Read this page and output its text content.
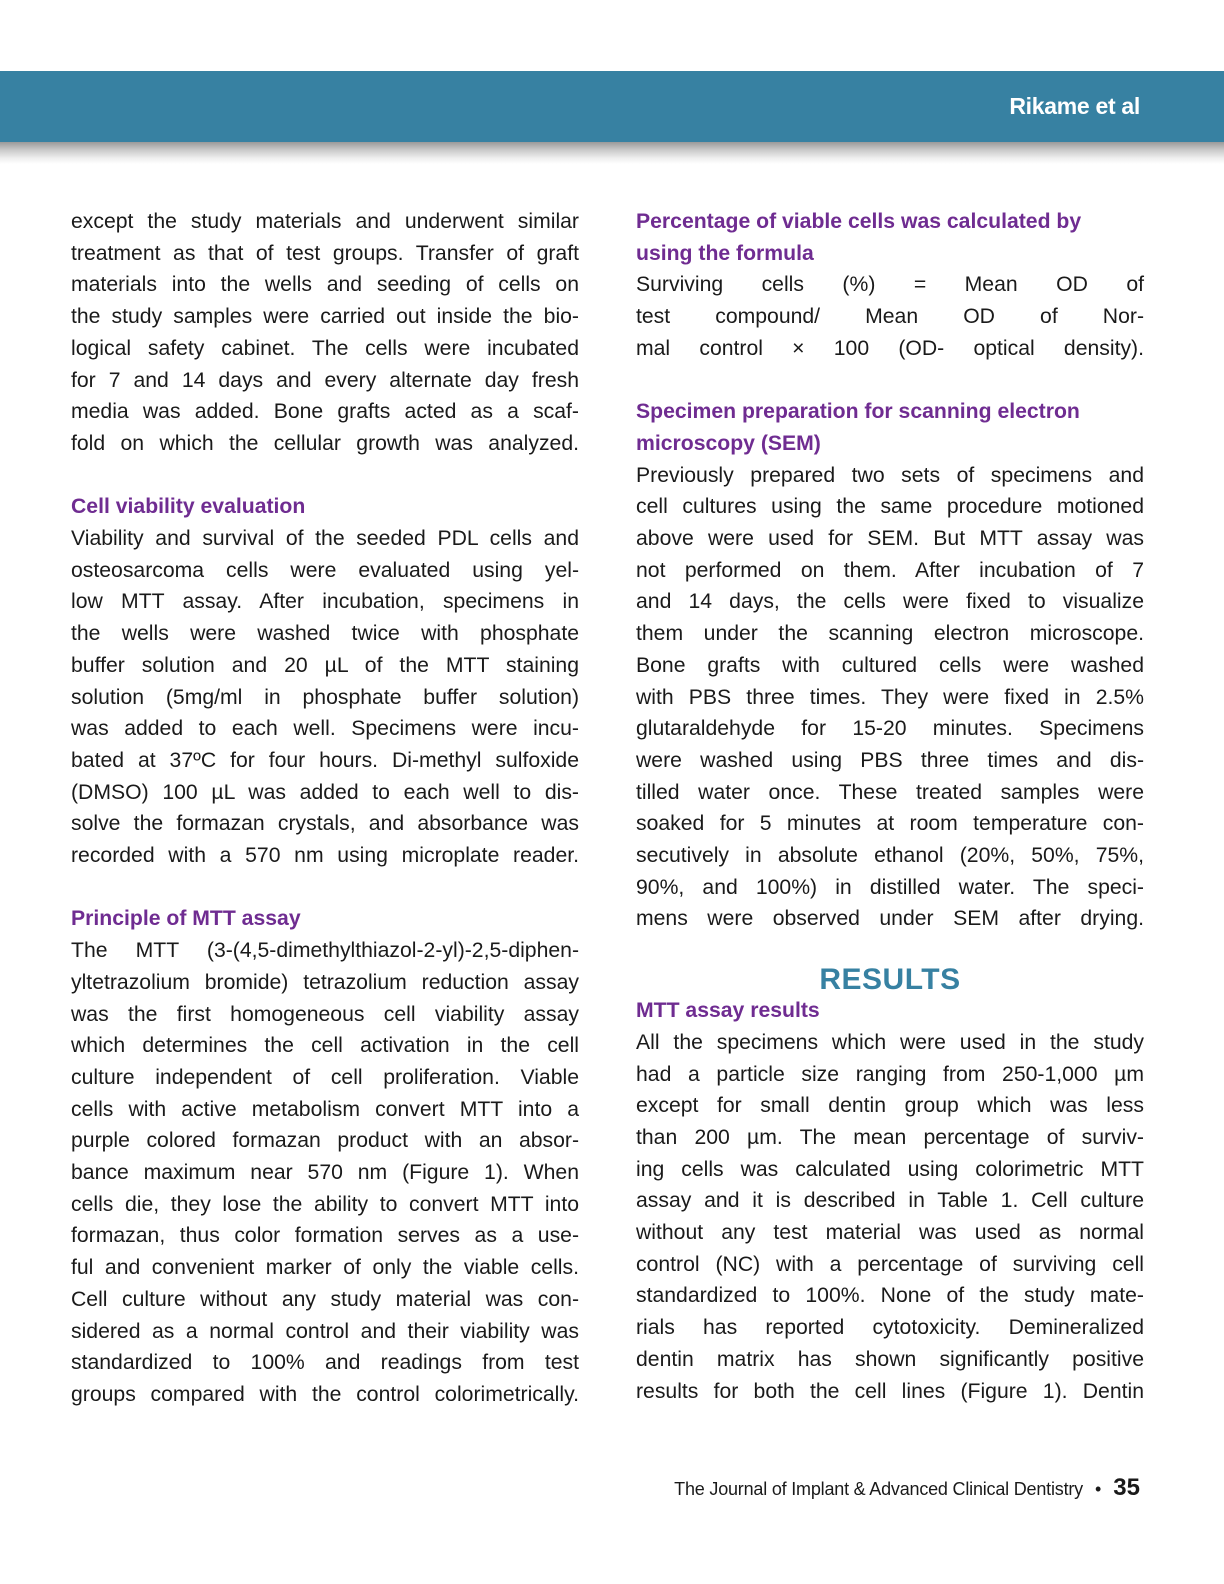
Rikame et al
except the study materials and underwent similar
treatment as that of test groups. Transfer of graft
materials into the wells and seeding of cells on
the study samples were carried out inside the bio-
logical safety cabinet. The cells were incubated
for 7 and 14 days and every alternate day fresh
media was added. Bone grafts acted as a scaf-
fold on which the cellular growth was analyzed.
Cell viability evaluation
Viability and survival of the seeded PDL cells and
osteosarcoma cells were evaluated using yel-
low MTT assay. After incubation, specimens in
the wells were washed twice with phosphate
buffer solution and 20 µL of the MTT staining
solution (5mg/ml in phosphate buffer solution)
was added to each well. Specimens were incu-
bated at 37ºC for four hours. Di-methyl sulfoxide
(DMSO) 100 µL was added to each well to dis-
solve the formazan crystals, and absorbance was
recorded with a 570 nm using microplate reader.
Principle of MTT assay
The MTT (3-(4,5-dimethylthiazol-2-yl)-2,5-diphen-
yltetrazolium bromide) tetrazolium reduction assay
was the first homogeneous cell viability assay
which determines the cell activation in the cell
culture independent of cell proliferation. Viable
cells with active metabolism convert MTT into a
purple colored formazan product with an absor-
bance maximum near 570 nm (Figure 1). When
cells die, they lose the ability to convert MTT into
formazan, thus color formation serves as a use-
ful and convenient marker of only the viable cells.
Cell culture without any study material was con-
sidered as a normal control and their viability was
standardized to 100% and readings from test
groups compared with the control colorimetrically.
Percentage of viable cells was calculated by
using the formula
Surviving cells (%) = Mean OD of
test compound/ Mean OD of Nor-
mal control × 100 (OD- optical density).
Specimen preparation for scanning electron
microscopy (SEM)
Previously prepared two sets of specimens and
cell cultures using the same procedure motioned
above were used for SEM. But MTT assay was
not performed on them. After incubation of 7
and 14 days, the cells were fixed to visualize
them under the scanning electron microscope.
Bone grafts with cultured cells were washed
with PBS three times. They were fixed in 2.5%
glutaraldehyde for 15-20 minutes. Specimens
were washed using PBS three times and dis-
tilled water once. These treated samples were
soaked for 5 minutes at room temperature con-
secutively in absolute ethanol (20%, 50%, 75%,
90%, and 100%) in distilled water. The speci-
mens were observed under SEM after drying.
RESULTS
MTT assay results
All the specimens which were used in the study
had a particle size ranging from 250-1,000 µm
except for small dentin group which was less
than 200 µm. The mean percentage of surviv-
ing cells was calculated using colorimetric MTT
assay and it is described in Table 1. Cell culture
without any test material was used as normal
control (NC) with a percentage of surviving cell
standardized to 100%. None of the study mate-
rials has reported cytotoxicity. Demineralized
dentin matrix has shown significantly positive
results for both the cell lines (Figure 1). Dentin
The Journal of Implant & Advanced Clinical Dentistry • 35
